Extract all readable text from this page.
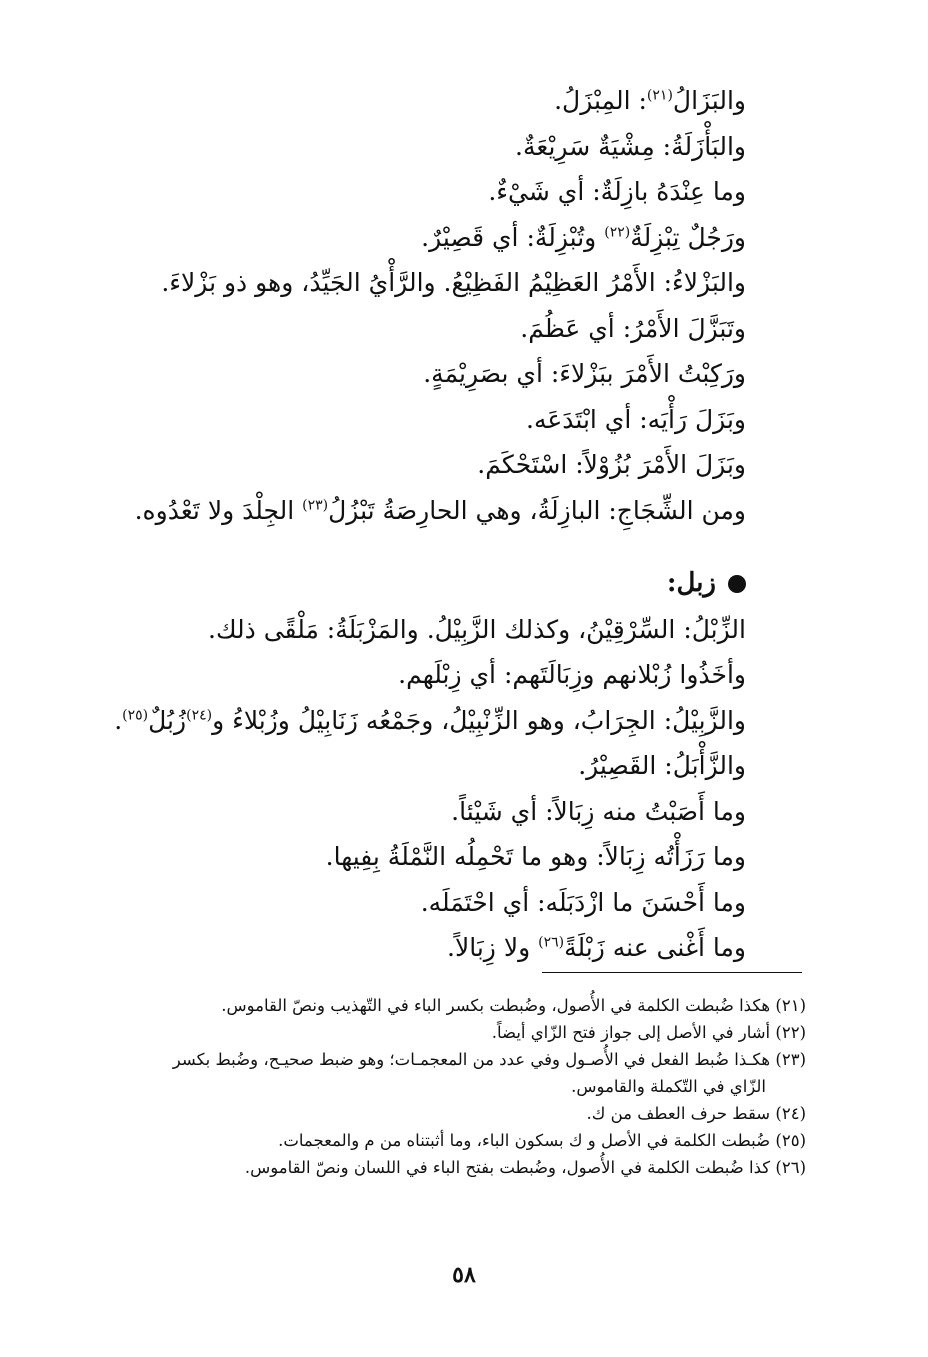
والبَزَالُ$^{(٢١)}$: المِبْزَلُ.
والبَأْزَلَةُ: مِشْيَةٌ سَرِيْعَةٌ.
وما عِنْدَهُ بازِلَةٌ: أي شَيْءٌ.
ورَجُلٌ تِبْزِلَةٌ$^{(٢٢)}$ وتُبْزِلَةٌ: أي قَصِيْرٌ.
والبَزْلاءُ: الأَمْرُ العَظِيْمُ الفَظِيْعُ. والرَّأْيُ الجَيِّدُ، وهو ذو بَزْلاءَ.
وتَبَزَّلَ الأَمْرُ: أي عَظُمَ.
ورَكِبْتُ الأَمْرَ ببَزْلاءَ: أي بصَرِيْمَةٍ.
وبَزَلَ رَأْيَه: أي ابْتَدَعَه.
وبَزَلَ الأَمْرَ بُزُوْلاً: اسْتَحْكَمَ.
ومن الشِّجَاجِ: البازِلَةُ، وهي الحارِصَةُ تَبْزُلُ$^{(٢٣)}$ الجِلْدَ ولا تَعْدُوه.
زبل:
الزِّبْلُ: السِّرْقِيْنُ، وكذلك الزَّبِيْلُ. والمَزْبَلَةُ: مَلْقًى ذلك.
وأخَذُوا زُبْلانهم وزِبَالَتَهم: أي زِبْلَهم.
والزَّبِيْلُ: الجِرَابُ، وهو الزِّنْبِيْلُ، وجَمْعُه زَنَابِيْلُ وزُبْلاءُ و$^{(٢٤)}$زُبُلٌ$^{(٢٥)}$.
والزَّأْبَلُ: القَصِيْرُ.
وما أَصَبْتُ منه زِبَالاً: أي شَيْئاً.
وما رَزَأْتُه زِبَالاً: وهو ما تَحْمِلُه النَّمْلَةُ بِفِيها.
وما أَحْسَنَ ما ازْدَبَلَه: أي احْتَمَلَه.
وما أَغْنى عنه زَبْلَةً$^{(٢٦)}$ ولا زِبَالاً.
(٢١) هكذا ضُبطت الكلمة في الأُصول، وضُبطت بكسر الباء في التّهذيب ونصّ القاموس.
(٢٢) أشار في الأصل إلى جواز فتح الزّاي أيضاً.
(٢٣) هكـذا ضُبط الفعل في الأُصـول وفي عدد من المعجمـات؛ وهو ضبط صحيـح، وضُبط بكسر
الزّاي في التّكملة والقاموس.
(٢٤) سقط حرف العطف من ك.
(٢٥) ضُبطت الكلمة في الأصل و ك بسكون الباء، وما أثبتناه من م والمعجمات.
(٢٦) كذا ضُبطت الكلمة في الأُصول، وضُبطت بفتح الباء في اللسان ونصّ القاموس.
٥٨
